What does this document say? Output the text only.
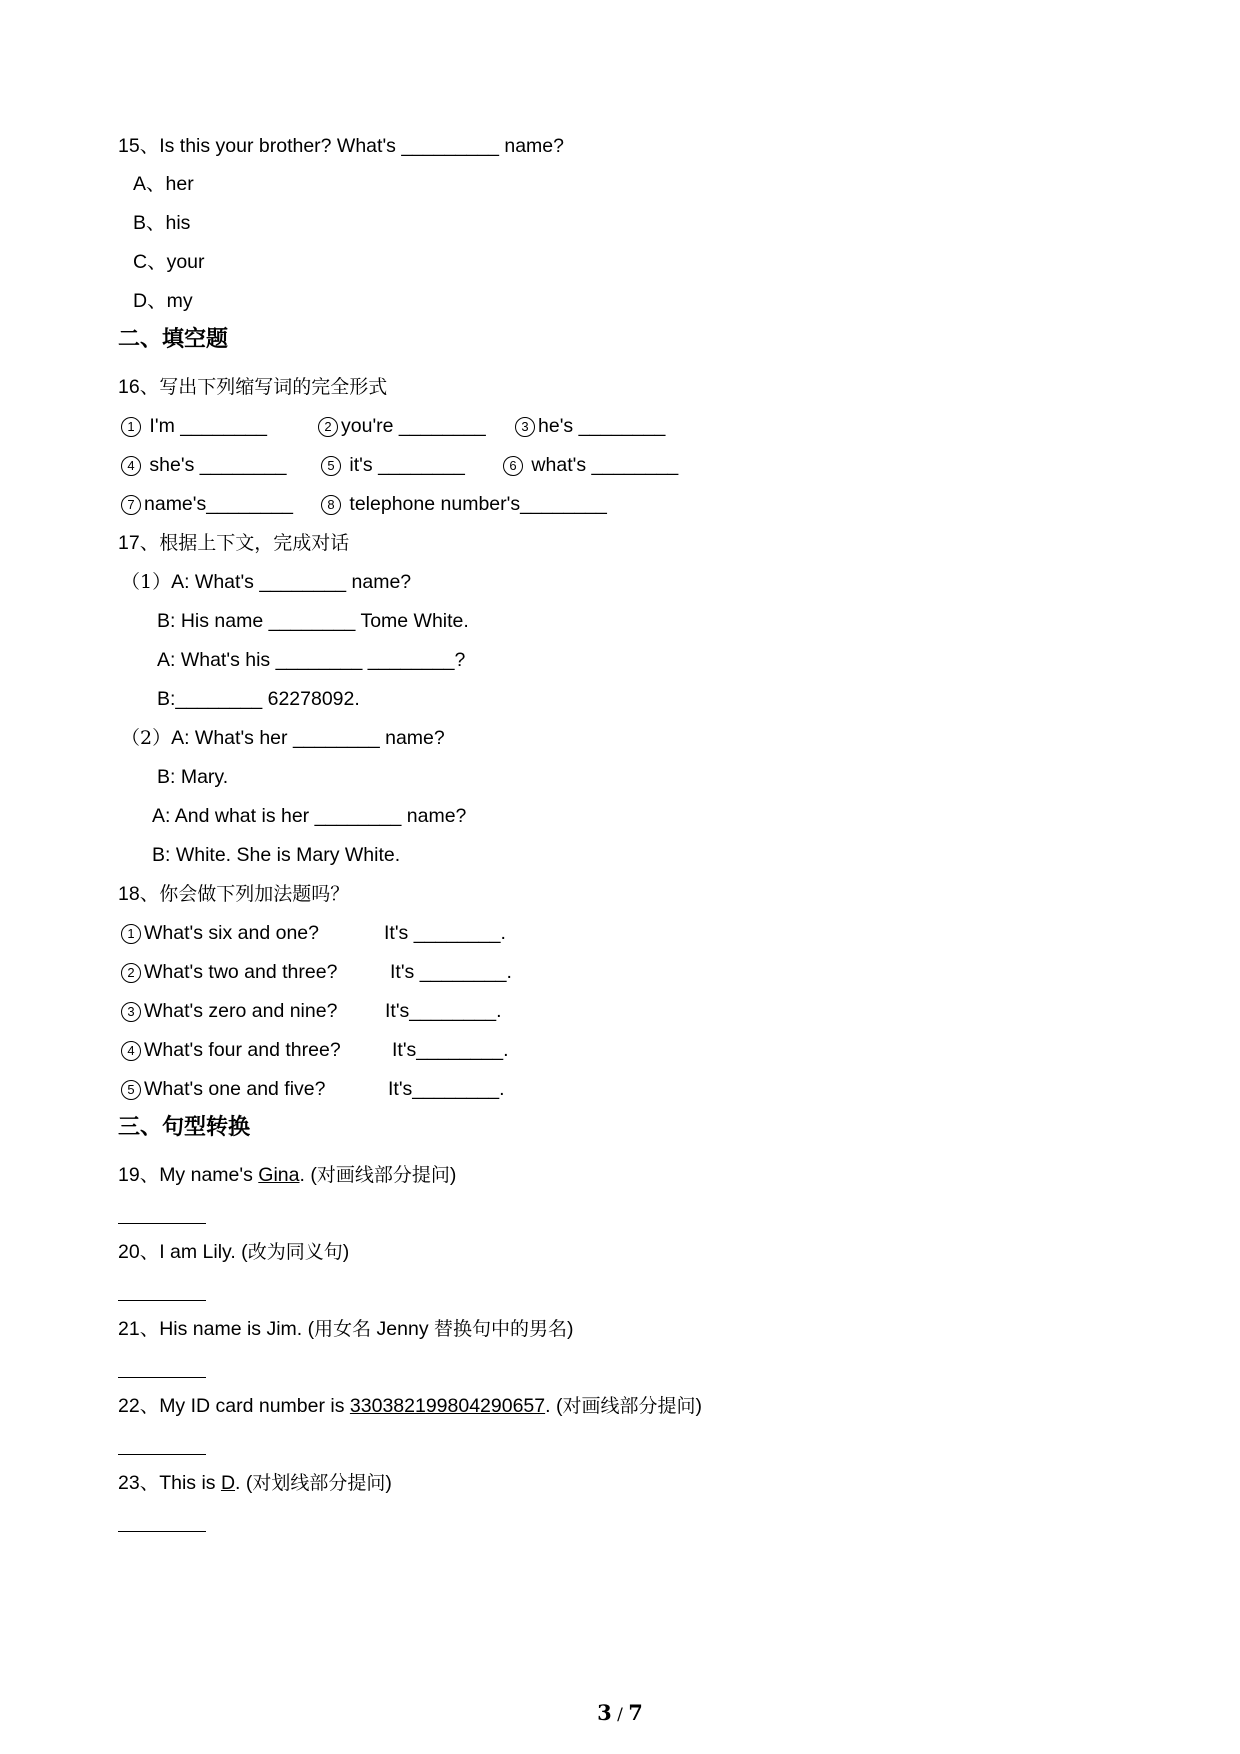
15、Is this your brother? What's _________ name?
A、her
B、his
C、your
D、my
二、填空题
16、写出下列缩写词的完全形式
1 I'm ________	2 you're ________	3 he's ________
4 she's ________	5 it's ________	6 what's ________
7 name's________	8 telephone number's________
17、根据上下文，完成对话
（1）A: What's ________ name?
B: His name ________ Tome White.
A: What's his ________ ________?
B:________ 62278092.
（2）A: What's her ________ name?
B: Mary.
A: And what is her ________ name?
B: White. She is Mary White.
18、你会做下列加法题吗？
1 What's six and one?	It's ________.
2 What's two and three?	It's ________.
3 What's zero and nine? It's________.
4 What's four and three?	It's________.
5 What's one and five?	It's________.
三、句型转换
19、My name's Gina. (对画线部分提问)
20、I am Lily. (改为同义句)
21、His name is Jim. (用女名 Jenny 替换句中的男名)
22、My ID card number is 330382199804290657. (对画线部分提问)
23、This is D. (对划线部分提问)
3 / 7
